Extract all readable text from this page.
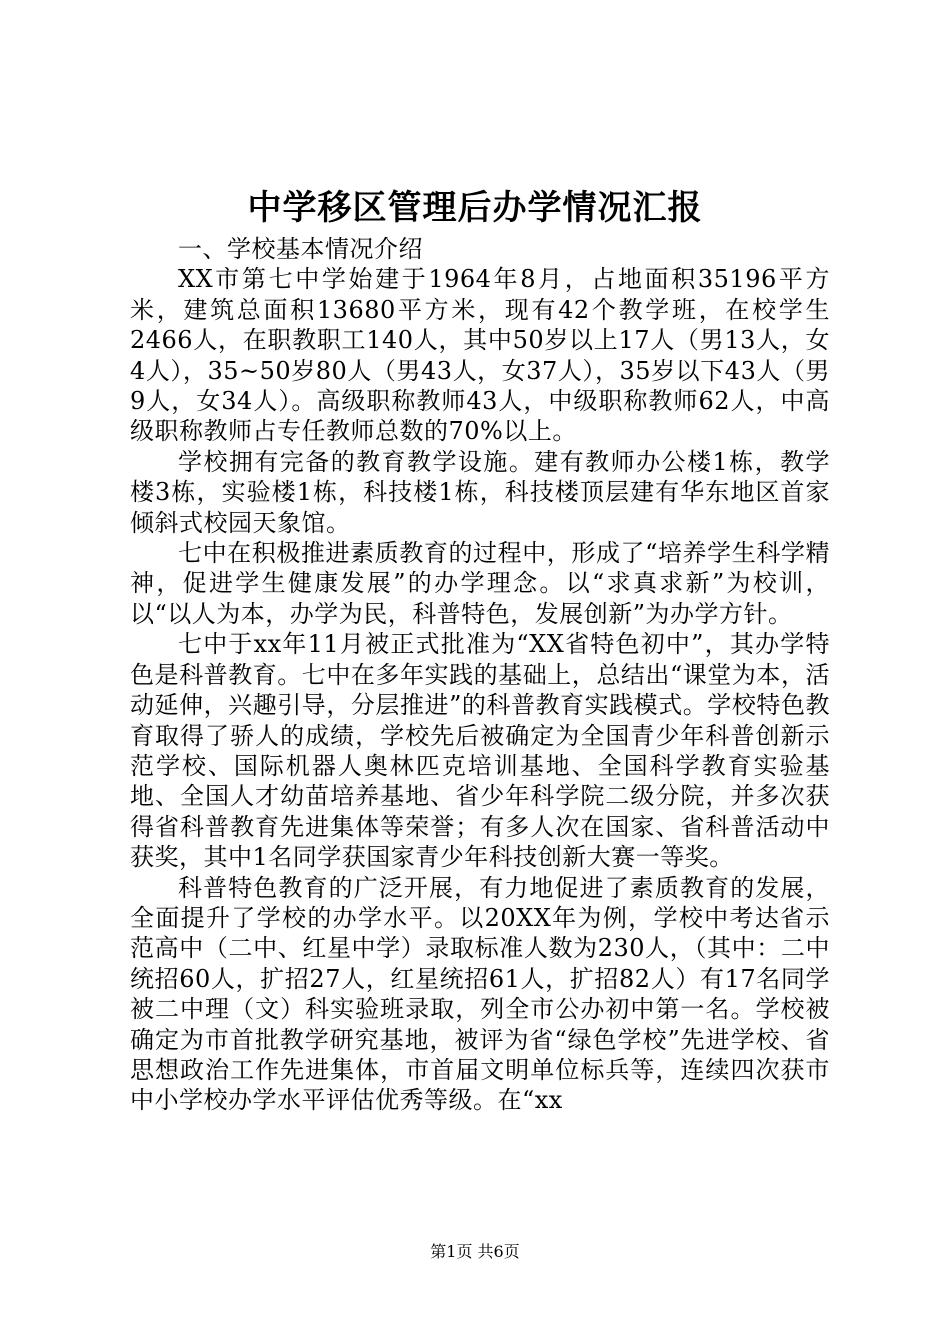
中学移区管理后办学情况汇报

一、学校基本情况介绍

XX市第七中学始建于1964年8月，占地面积35196平方米，建筑总面积13680平方米，现有42个教学班，在校学生2466人，在职教职工140人，其中50岁以上17人（男13人，女4人），35~50岁80人（男43人，女37人），35岁以下43人（男9人，女34人）。高级职称教师43人，中级职称教师62人，中高级职称教师占专任教师总数的70%以上。

学校拥有完备的教育教学设施。建有教师办公楼1栋，教学楼3栋，实验楼1栋，科技楼1栋，科技楼顶层建有华东地区首家倾斜式校园天象馆。

七中在积极推进素质教育的过程中，形成了“培养学生科学精神，促进学生健康发展”的办学理念。以“求真求新”为校训，以“以人为本，办学为民，科普特色，发展创新”为办学方针。

七中于xx年11月被正式批准为“XX省特色初中”，其办学特色是科普教育。七中在多年实践的基础上，总结出“课堂为本，活动延伸，兴趣引导，分层推进”的科普教育实践模式。学校特色教育取得了骄人的成绩，学校先后被确定为全国青少年科普创新示范学校、国际机器人奥林匹克培训基地、全国科学教育实验基地、全国人才幼苗培养基地、省少年科学院二级分院，并多次获得省科普教育先进集体等荣誉；有多人次在国家、省科普活动中获奖，其中1名同学获国家青少年科技创新大赛一等奖。

科普特色教育的广泛开展，有力地促进了素质教育的发展，全面提升了学校的办学水平。以20XX年为例，学校中考达省示范高中（二中、红星中学）录取标准人数为230人，（其中：二中统招60人，扩招27人，红星统招61人，扩招82人）有17名同学被二中理（文）科实验班录取，列全市公办初中第一名。学校被确定为市首批教学研究基地，被评为省“绿色学校”先进学校、省思想政治工作先进集体，市首届文明单位标兵等，连续四次获市中小学校办学水平评估优秀等级。在“xx

第1页 共6页
